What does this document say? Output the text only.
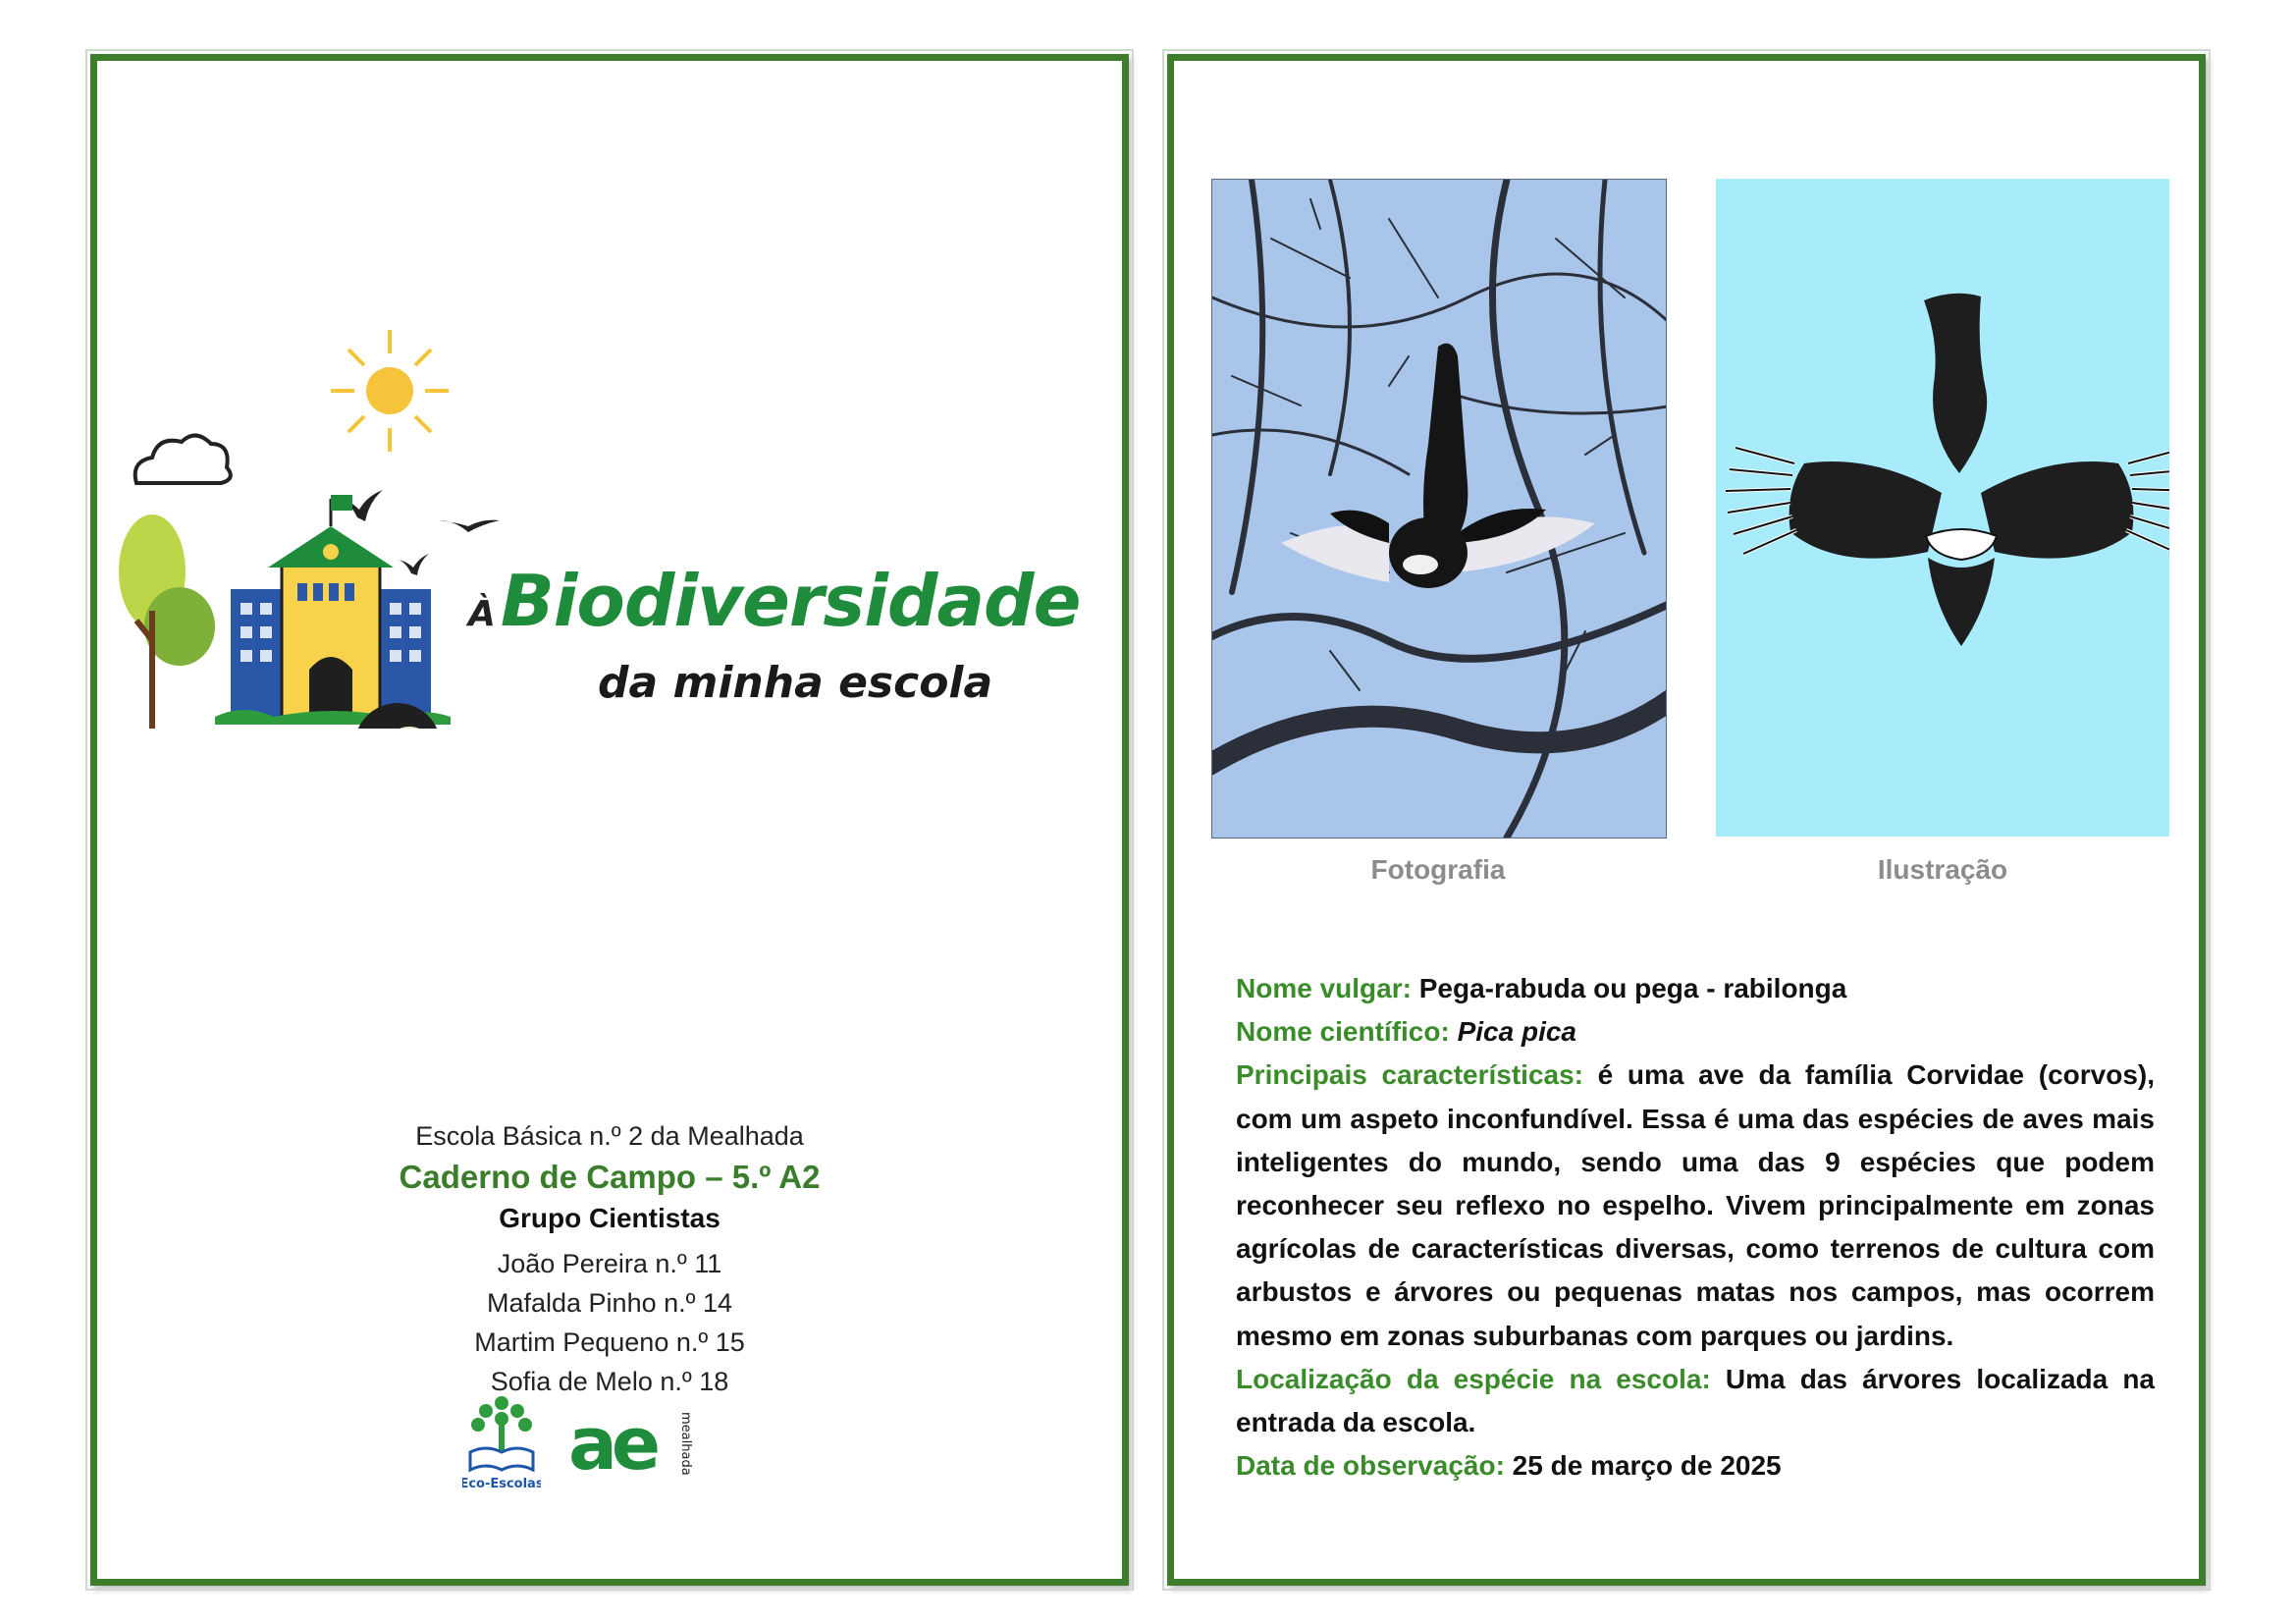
ÀBiodiversidade
da minha escola
Escola Básica n.º 2 da Mealhada
Caderno de Campo – 5.º A2
Grupo Cientistas
João Pereira n.º 11
Mafalda Pinho n.º 14
Martim Pequeno n.º 15
Sofia de Melo n.º 18
Eco-Escolas ae mealhada
Fotografia	Ilustração

Nome vulgar: Pega-rabuda ou pega - rabilonga

Nome científico: Pica pica

Principais características: é uma ave da família Corvidae (corvos), com um aspeto inconfundível. Essa é uma das espécies de aves mais inteligentes do mundo, sendo uma das 9 espécies que podem reconhecer seu reflexo no espelho. Vivem principalmente em zonas agrícolas de características diversas, como terrenos de cultura com arbustos e árvores ou pequenas matas nos campos, mas ocorrem mesmo em zonas suburbanas com parques ou jardins.

Localização da espécie na escola: Uma das árvores localizada na entrada da escola.

Data de observação: 25 de março de 2025
